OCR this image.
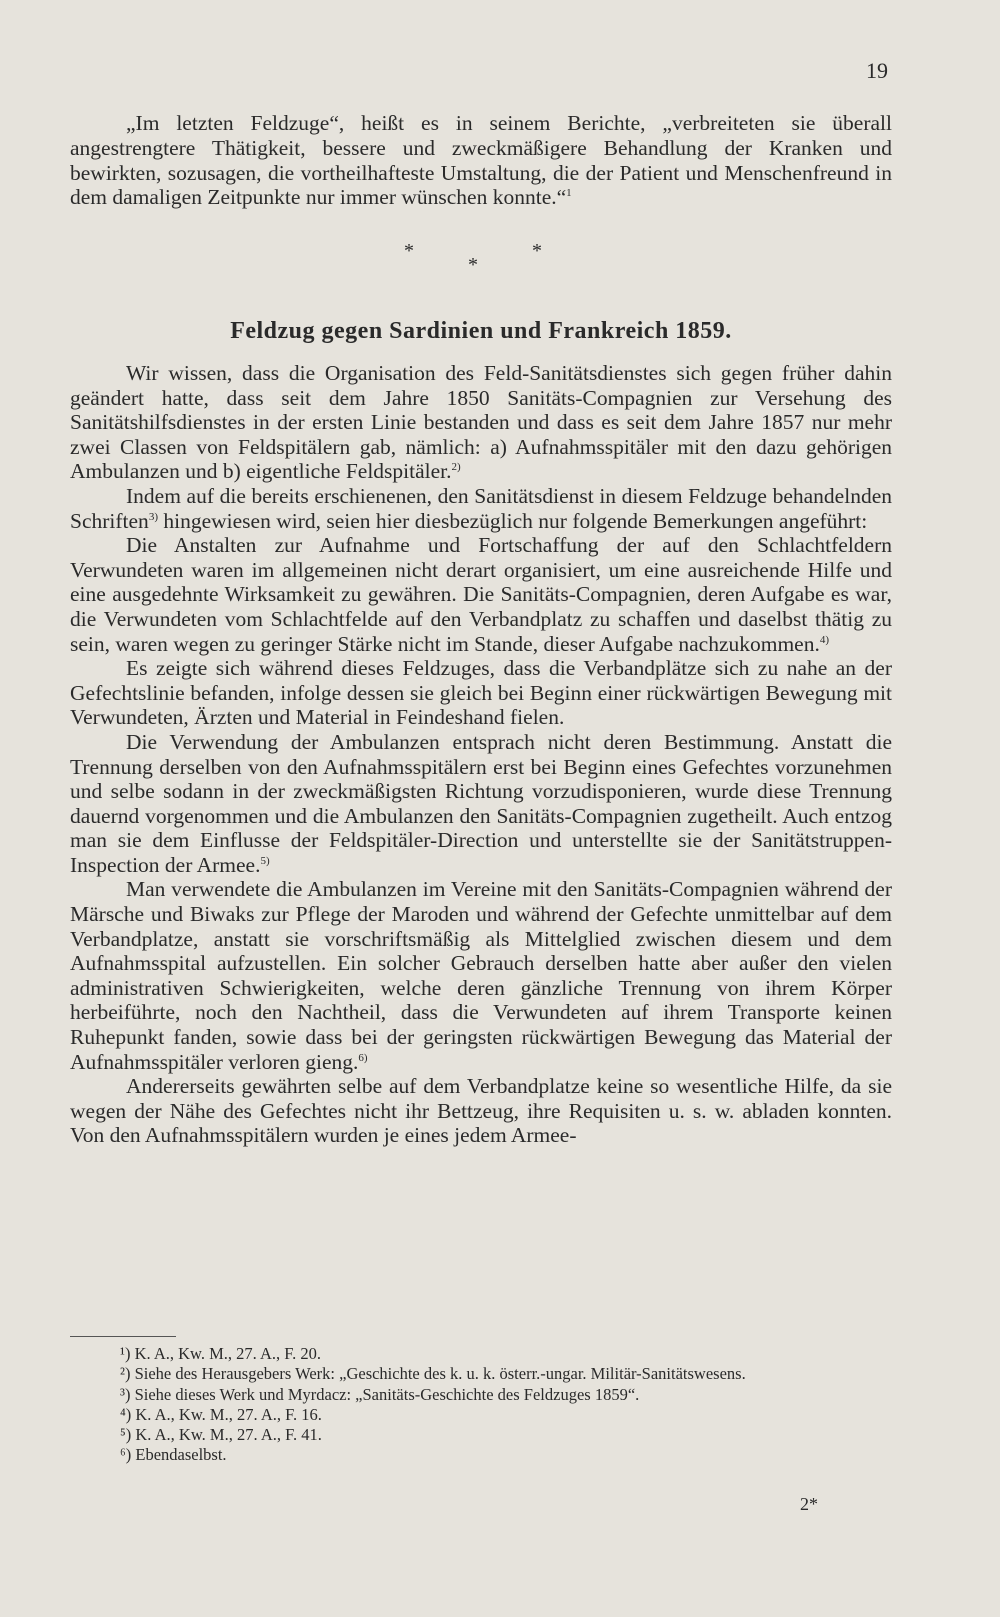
19

„Im letzten Feldzuge“, heißt es in seinem Berichte, „verbreiteten sie überall angestrengtere Thätigkeit, bessere und zweckmäßigere Behandlung der Kranken und bewirkten, sozusagen, die vortheilhafteste Umstaltung, die der Patient und Menschenfreund in dem damaligen Zeitpunkte nur immer wünschen konnte.“$^1$

*	*
*
Feldzug gegen Sardinien und Frankreich 1859.

Wir wissen, dass die Organisation des Feld-Sanitätsdienstes sich gegen früher dahin geändert hatte, dass seit dem Jahre 1850 Sanitäts-Compagnien zur Versehung des Sanitätshilfsdienstes in der ersten Linie bestanden und dass es seit dem Jahre 1857 nur mehr zwei Classen von Feldspitälern gab, nämlich: a) Aufnahmsspitäler mit den dazu gehörigen Ambulanzen und b) eigentliche Feldspitäler.$^{2)}$

Indem auf die bereits erschienenen, den Sanitätsdienst in diesem Feldzuge behandelnden Schriften$^{3)}$ hingewiesen wird, seien hier diesbezüglich nur folgende Bemerkungen angeführt:

Die Anstalten zur Aufnahme und Fortschaffung der auf den Schlachtfeldern Verwundeten waren im allgemeinen nicht derart organisiert, um eine ausreichende Hilfe und eine ausgedehnte Wirksamkeit zu gewähren. Die Sanitäts-Compagnien, deren Aufgabe es war, die Verwundeten vom Schlachtfelde auf den Verbandplatz zu schaffen und daselbst thätig zu sein, waren wegen zu geringer Stärke nicht im Stande, dieser Aufgabe nachzukommen.$^{4)}$

Es zeigte sich während dieses Feldzuges, dass die Verbandplätze sich zu nahe an der Gefechtslinie befanden, infolge dessen sie gleich bei Beginn einer rückwärtigen Bewegung mit Verwundeten, Ärzten und Material in Feindeshand fielen.

Die Verwendung der Ambulanzen entsprach nicht deren Bestimmung. Anstatt die Trennung derselben von den Aufnahmsspitälern erst bei Beginn eines Gefechtes vorzunehmen und selbe sodann in der zweckmäßigsten Richtung vorzudisponieren, wurde diese Trennung dauernd vorgenommen und die Ambulanzen den Sanitäts-Compagnien zugetheilt. Auch entzog man sie dem Einflusse der Feldspitäler-Direction und unterstellte sie der Sanitätstruppen-Inspection der Armee.$^{5)}$

Man verwendete die Ambulanzen im Vereine mit den Sanitäts-Compagnien während der Märsche und Biwaks zur Pflege der Maroden und während der Gefechte unmittelbar auf dem Verbandplatze, anstatt sie vorschriftsmäßig als Mittelglied zwischen diesem und dem Aufnahmsspital aufzustellen. Ein solcher Gebrauch derselben hatte aber außer den vielen administrativen Schwierigkeiten, welche deren gänzliche Trennung von ihrem Körper herbeiführte, noch den Nachtheil, dass die Verwundeten auf ihrem Transporte keinen Ruhepunkt fanden, sowie dass bei der geringsten rückwärtigen Bewegung das Material der Aufnahmsspitäler verloren gieng.$^{6)}$

Andererseits gewährten selbe auf dem Verbandplatze keine so wesentliche Hilfe, da sie wegen der Nähe des Gefechtes nicht ihr Bettzeug, ihre Requisiten u. s. w. abladen konnten. Von den Aufnahmsspitälern wurden je eines jedem Armee-

¹) K. A., Kw. M., 27. A., F. 20.

²) Siehe des Herausgebers Werk: „Geschichte des k. u. k. österr.-ungar. Militär-Sanitätswesens.

³) Siehe dieses Werk und Myrdacz: „Sanitäts-Geschichte des Feldzuges 1859“.

⁴) K. A., Kw. M., 27. A., F. 16.

⁵) K. A., Kw. M., 27. A., F. 41.

⁶) Ebendaselbst.

2*
